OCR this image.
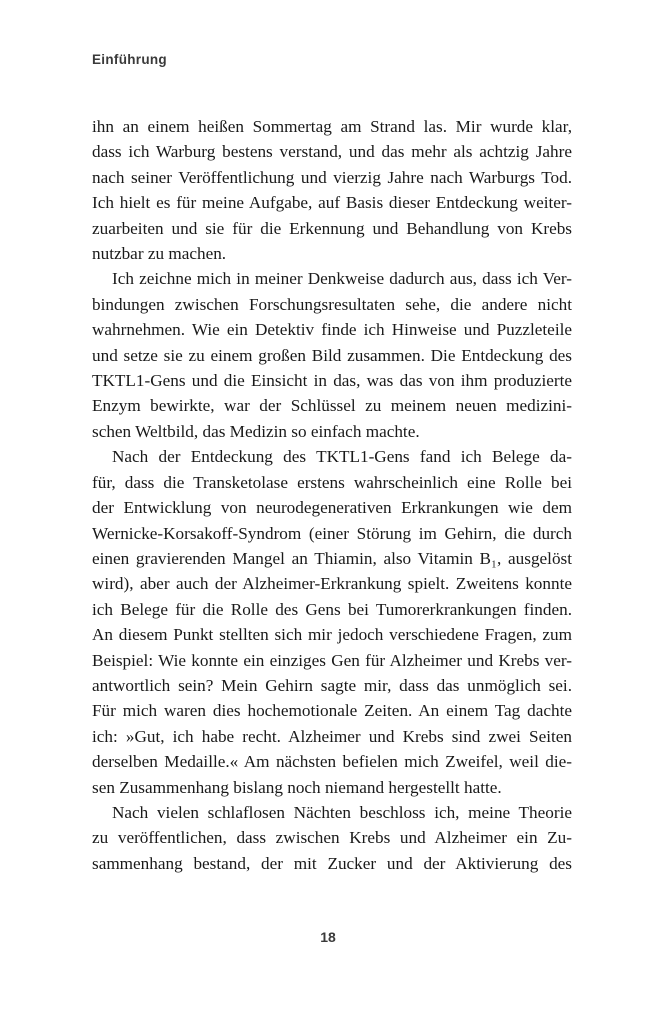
Einführung
ihn an einem heißen Sommertag am Strand las. Mir wurde klar,
dass ich Warburg bestens verstand, und das mehr als achtzig Jahre
nach seiner Veröffentlichung und vierzig Jahre nach Warburgs Tod.
Ich hielt es für meine Aufgabe, auf Basis dieser Entdeckung weiter-
zuarbeiten und sie für die Erkennung und Behandlung von Krebs
nutzbar zu machen.
Ich zeichne mich in meiner Denkweise dadurch aus, dass ich Ver-
bindungen zwischen Forschungsresultaten sehe, die andere nicht
wahrnehmen. Wie ein Detektiv finde ich Hinweise und Puzzleteile
und setze sie zu einem großen Bild zusammen. Die Entdeckung des
TKTL1-Gens und die Einsicht in das, was das von ihm produzierte
Enzym bewirkte, war der Schlüssel zu meinem neuen medizini-
schen Weltbild, das Medizin so einfach machte.
Nach der Entdeckung des TKTL1-Gens fand ich Belege da-
für, dass die Transketolase erstens wahrscheinlich eine Rolle bei
der Entwicklung von neurodegenerativen Erkrankungen wie dem
Wernicke-Korsakoff-Syndrom (einer Störung im Gehirn, die durch
einen gravierenden Mangel an Thiamin, also Vitamin B₁, ausgelöst
wird), aber auch der Alzheimer-Erkrankung spielt. Zweitens konnte
ich Belege für die Rolle des Gens bei Tumorerkrankungen finden.
An diesem Punkt stellten sich mir jedoch verschiedene Fragen, zum
Beispiel: Wie konnte ein einziges Gen für Alzheimer und Krebs ver-
antwortlich sein? Mein Gehirn sagte mir, dass das unmöglich sei.
Für mich waren dies hochemotionale Zeiten. An einem Tag dachte
ich: »Gut, ich habe recht. Alzheimer und Krebs sind zwei Seiten
derselben Medaille.« Am nächsten befielen mich Zweifel, weil die-
sen Zusammenhang bislang noch niemand hergestellt hatte.
Nach vielen schlaflosen Nächten beschloss ich, meine Theorie
zu veröffentlichen, dass zwischen Krebs und Alzheimer ein Zu-
sammenhang bestand, der mit Zucker und der Aktivierung des
18
